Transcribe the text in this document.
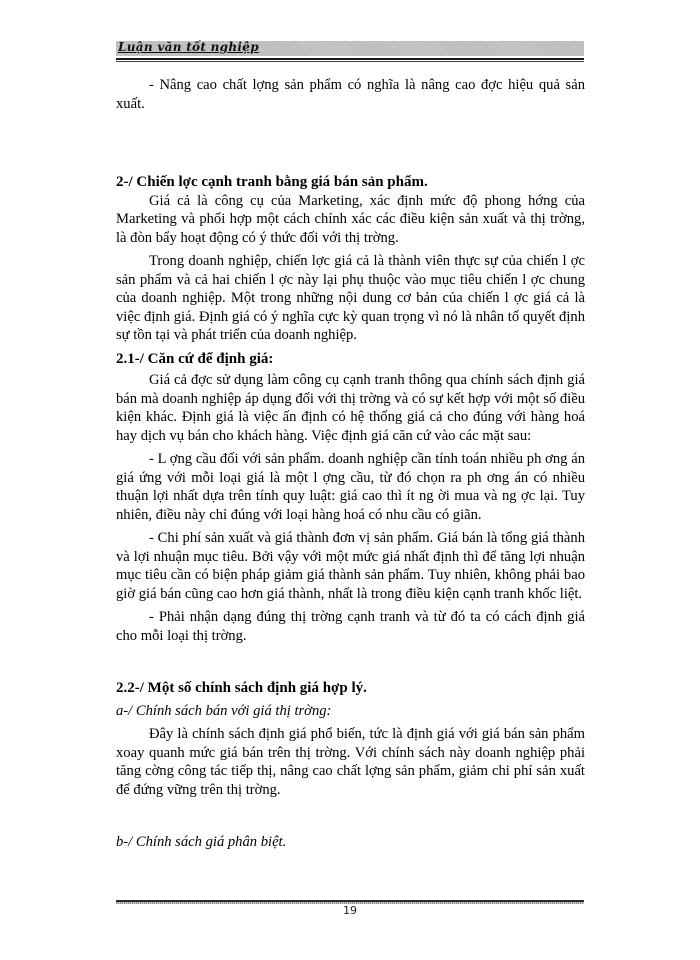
Luận văn tốt nghiệp

- Nâng cao chất lợng sản phẩm có nghĩa là nâng cao đợc hiệu quả sản xuất.

2-/ Chiến lợc cạnh tranh bằng giá bán sản phẩm.

Giá cả là công cụ của Marketing, xác định mức độ phong hớng của Marketing và phối hợp một cách chính xác các điều kiện sản xuất và thị trờng, là đòn bẩy hoạt động có ý thức đối với thị trờng.

Trong doanh nghiệp, chiến lợc giá cả là thành viên thực sự của chiến l ợc sản phẩm và cả hai chiến l ợc này lại phụ thuộc vào mục tiêu chiến l ợc chung của doanh nghiệp. Một trong những nội dung cơ bản của chiến l ợc giá cả là việc định giá. Định giá có ý nghĩa cực kỳ quan trọng vì nó là nhân tố quyết định sự tồn tại và phát triển của doanh nghiệp.

2.1-/ Căn cứ để định giá:

Giá cả đợc sử dụng làm công cụ cạnh tranh thông qua chính sách định giá bán mà doanh nghiệp áp dụng đối với thị trờng và có sự kết hợp với một số điều kiện khác. Định giá là việc ấn định có hệ thống giá cả cho đúng với hàng hoá hay dịch vụ bán cho khách hàng. Việc định giá căn cứ vào các mặt sau:

- L ợng cầu đối với sản phẩm. doanh nghiệp cần tính toán nhiều ph ơng án giá ứng với mỗi loại giá là một l ợng cầu, từ đó chọn ra ph ơng án có nhiều thuận lợi nhất dựa trên tính quy luật: giá cao thì ít ng ời mua và ng ợc lại. Tuy nhiên, điều này chỉ đúng với loại hàng hoá có nhu cầu có giãn.

- Chi phí sản xuất và giá thành đơn vị sản phẩm. Giá bán là tổng giá thành và lợi nhuận mục tiêu. Bởi vậy với một mức giá nhất định thì để tăng lợi nhuận mục tiêu cần có biện pháp giảm giá thành sản phẩm. Tuy nhiên, không phải bao giờ giá bán cũng cao hơn giá thành, nhất là trong điều kiện cạnh tranh khốc liệt.

- Phải nhận dạng đúng thị trờng cạnh tranh và từ đó ta có cách định giá cho mỗi loại thị trờng.

2.2-/ Một số chính sách định giá hợp lý.

a-/ Chính sách bán với giá thị trờng:

Đây là chính sách định giá phổ biến, tức là định giá với giá bán sản phẩm xoay quanh mức giá bán trên thị trờng. Với chính sách này doanh nghiệp phải tăng cờng công tác tiếp thị, nâng cao chất lợng sản phẩm, giảm chi phí sản xuất để đứng vững trên thị trờng.

b-/ Chính sách giá phân biệt.

19
